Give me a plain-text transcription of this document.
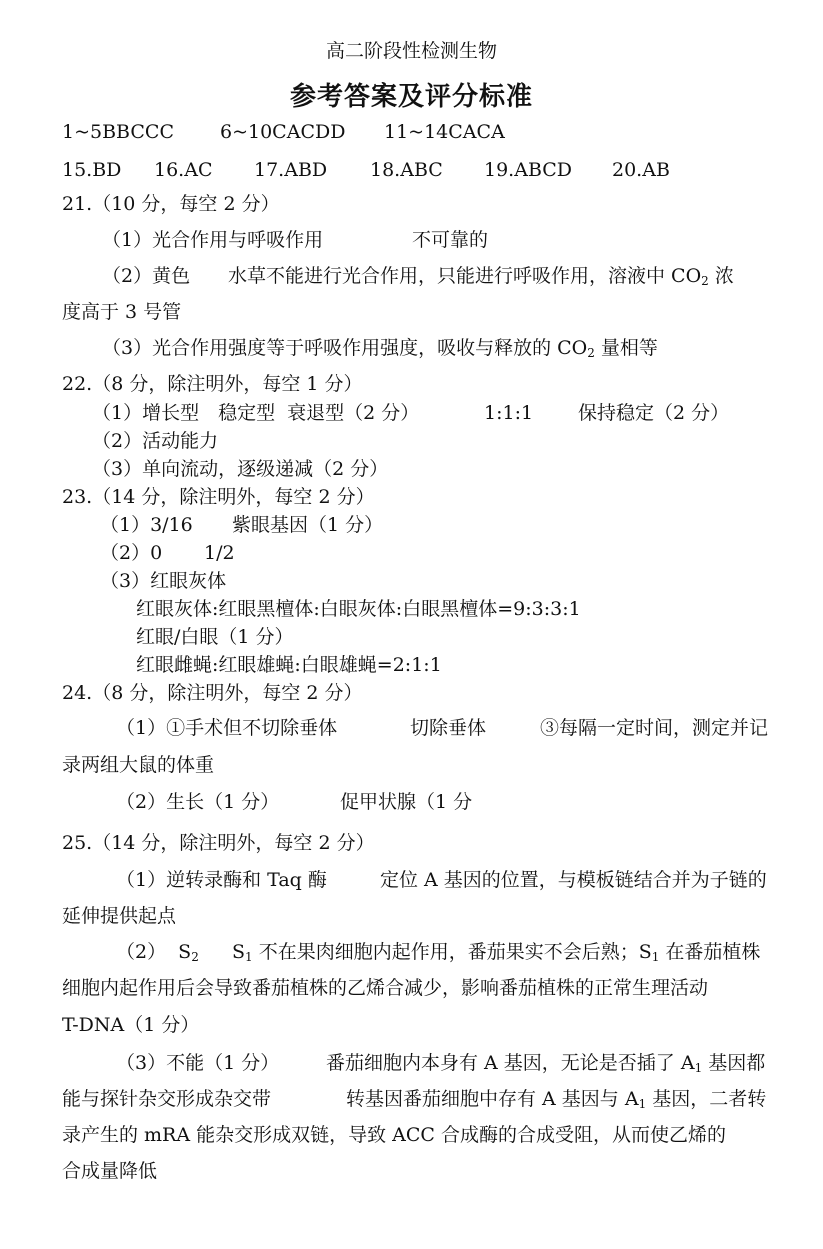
高二阶段性检测生物
参考答案及评分标准
1~5BBCCC 6~10CACDD 11~14CACA
15.BD 16.AC 17.ABD 18.ABC 19.ABCD 20.AB
21.（10 分，每空 2 分）
（1）光合作用与呼吸作用	不可靠的
（2）黄色 水草不能进行光合作用，只能进行呼吸作用，溶液中 $CO_2$ 浓
度高于 3 号管
（3）光合作用强度等于呼吸作用强度，吸收与释放的 $CO_2$ 量相等
22.（8 分，除注明外，每空 1 分）
（1）增长型　稳定型  衰退型（2 分）	1:1:1 保持稳定（2 分）
（2）活动能力
（3）单向流动，逐级递减（2 分）
23.（14 分，除注明外，每空 2 分）
（1）3/16 紫眼基因（1 分）
（2）0 1/2
（3）红眼灰体
红眼灰体:红眼黑檀体:白眼灰体:白眼黑檀体=9:3:3:1
红眼/白眼（1 分）
红眼雌蝇:红眼雄蝇:白眼雄蝇=2:1:1
24.（8 分，除注明外，每空 2 分）
（1）①手术但不切除垂体	切除垂体	③每隔一定时间，测定并记
录两组大鼠的体重
（2）生长（1 分）	促甲状腺（1 分
25.（14 分，除注明外，每空 2 分）
（1）逆转录酶和 Taq 酶	定位 A 基因的位置，与模板链结合并为子链的
延伸提供起点
（2）  $S_2$ $S_1$ 不在果肉细胞内起作用，番茄果实不会后熟；$S_1$ 在番茄植株
细胞内起作用后会导致番茄植株的乙烯合减少，影响番茄植株的正常生理活动
T-DNA（1 分）
（3）不能（1 分） 番茄细胞内本身有 A 基因，无论是否插了 $A_1$ 基因都
能与探针杂交形成杂交带	转基因番茄细胞中存有 A 基因与 $A_1$ 基因，二者转
录产生的 mRA 能杂交形成双链，导致 ACC 合成酶的合成受阻，从而使乙烯的
合成量降低
